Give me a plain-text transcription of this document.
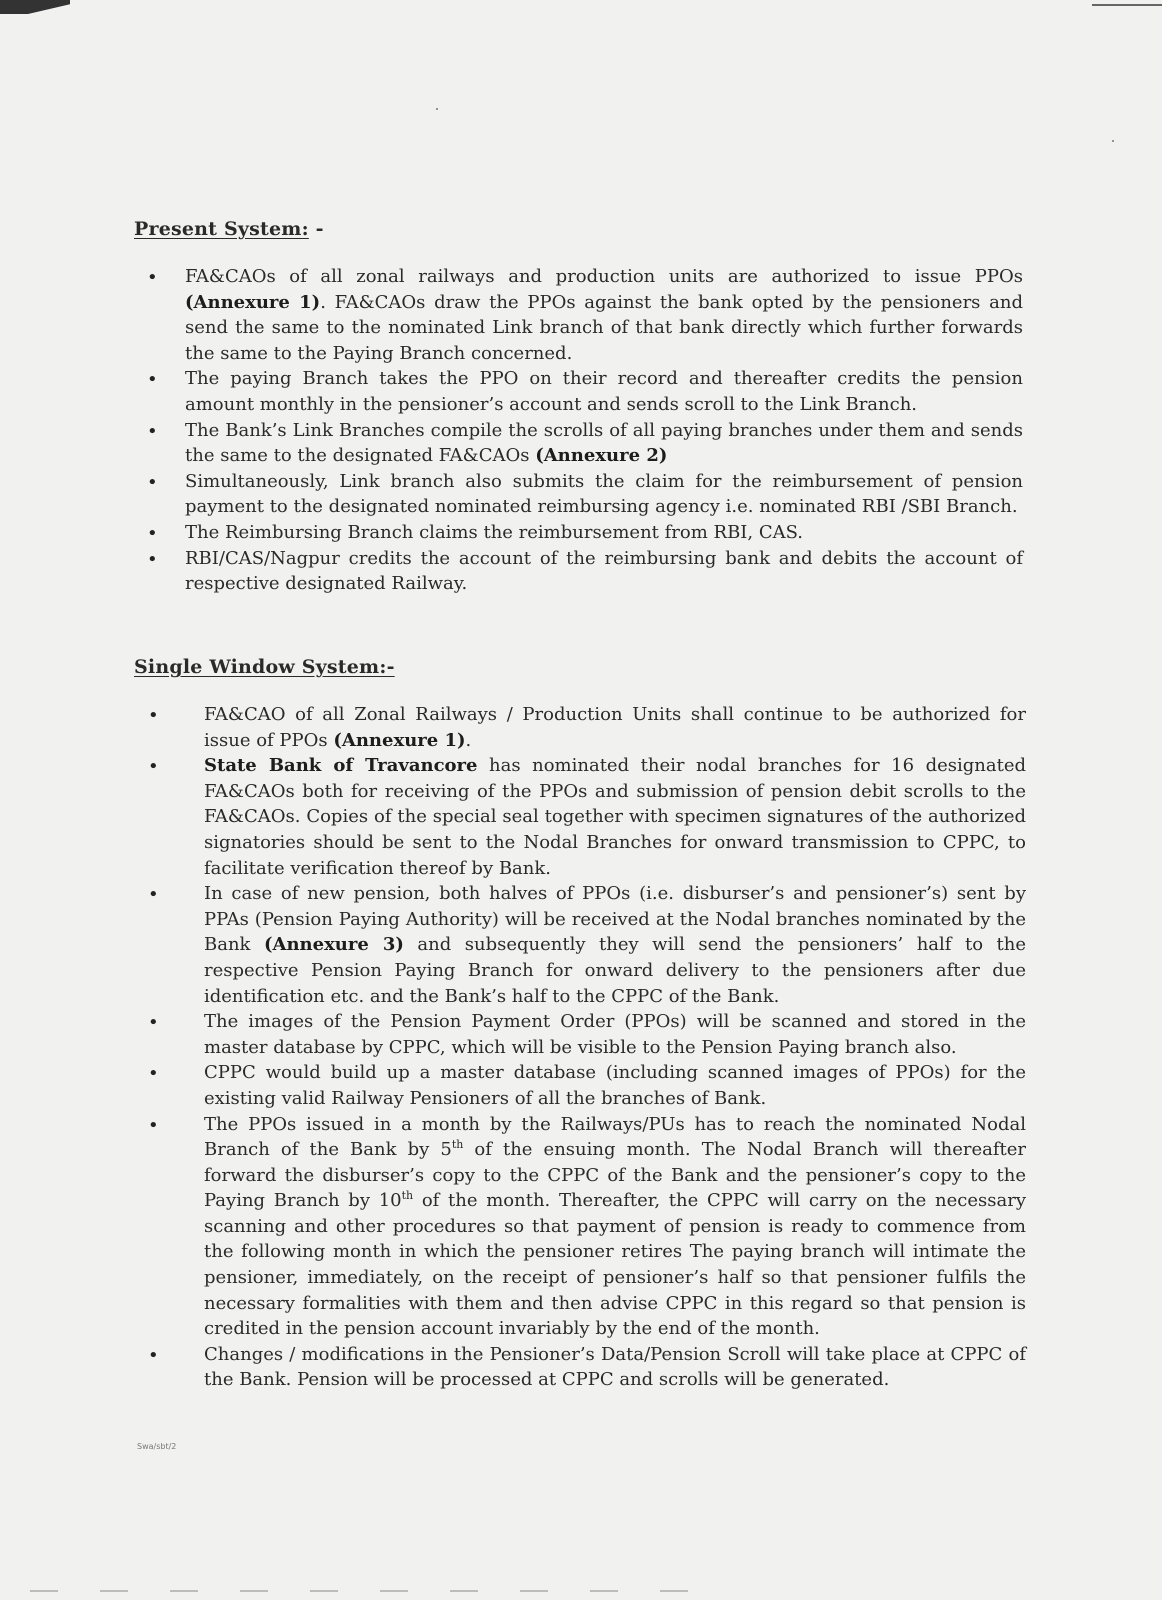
Present System: -
• FA&CAOs of all zonal railways and production units are authorized to issue PPOs (Annexure 1). FA&CAOs draw the PPOs against the bank opted by the pensioners and send the same to the nominated Link branch of that bank directly which further forwards the same to the Paying Branch concerned.
• The paying Branch takes the PPO on their record and thereafter credits the pension amount monthly in the pensioner’s account and sends scroll to the Link Branch.
• The Bank’s Link Branches compile the scrolls of all paying branches under them and sends the same to the designated FA&CAOs (Annexure 2)
• Simultaneously, Link branch also submits the claim for the reimbursement of pension payment to the designated nominated reimbursing agency i.e. nominated RBI /SBI Branch.
• The Reimbursing Branch claims the reimbursement from RBI, CAS.
• RBI/CAS/Nagpur credits the account of the reimbursing bank and debits the account of respective designated Railway.
Single Window System:-
• FA&CAO of all Zonal Railways / Production Units shall continue to be authorized for issue of PPOs (Annexure 1).
• State Bank of Travancore has nominated their nodal branches for 16 designated FA&CAOs both for receiving of the PPOs and submission of pension debit scrolls to the FA&CAOs. Copies of the special seal together with specimen signatures of the authorized signatories should be sent to the Nodal Branches for onward transmission to CPPC, to facilitate verification thereof by Bank.
• In case of new pension, both halves of PPOs (i.e. disburser’s and pensioner’s) sent by PPAs (Pension Paying Authority) will be received at the Nodal branches nominated by the Bank (Annexure 3) and subsequently they will send the pensioners’ half to the respective Pension Paying Branch for onward delivery to the pensioners after due identification etc. and the Bank’s half to the CPPC of the Bank.
• The images of the Pension Payment Order (PPOs) will be scanned and stored in the master database by CPPC, which will be visible to the Pension Paying branch also.
• CPPC would build up a master database (including scanned images of PPOs) for the existing valid Railway Pensioners of all the branches of Bank.
• The PPOs issued in a month by the Railways/PUs has to reach the nominated Nodal Branch of the Bank by 5th of the ensuing month. The Nodal Branch will thereafter forward the disburser’s copy to the CPPC of the Bank and the pensioner’s copy to the Paying Branch by 10th of the month. Thereafter, the CPPC will carry on the necessary scanning and other procedures so that payment of pension is ready to commence from the following month in which the pensioner retires The paying branch will intimate the pensioner, immediately, on the receipt of pensioner’s half so that pensioner fulfils the necessary formalities with them and then advise CPPC in this regard so that pension is credited in the pension account invariably by the end of the month.
• Changes / modifications in the Pensioner’s Data/Pension Scroll will take place at CPPC of the Bank. Pension will be processed at CPPC and scrolls will be generated.
Swa/sbt/2
